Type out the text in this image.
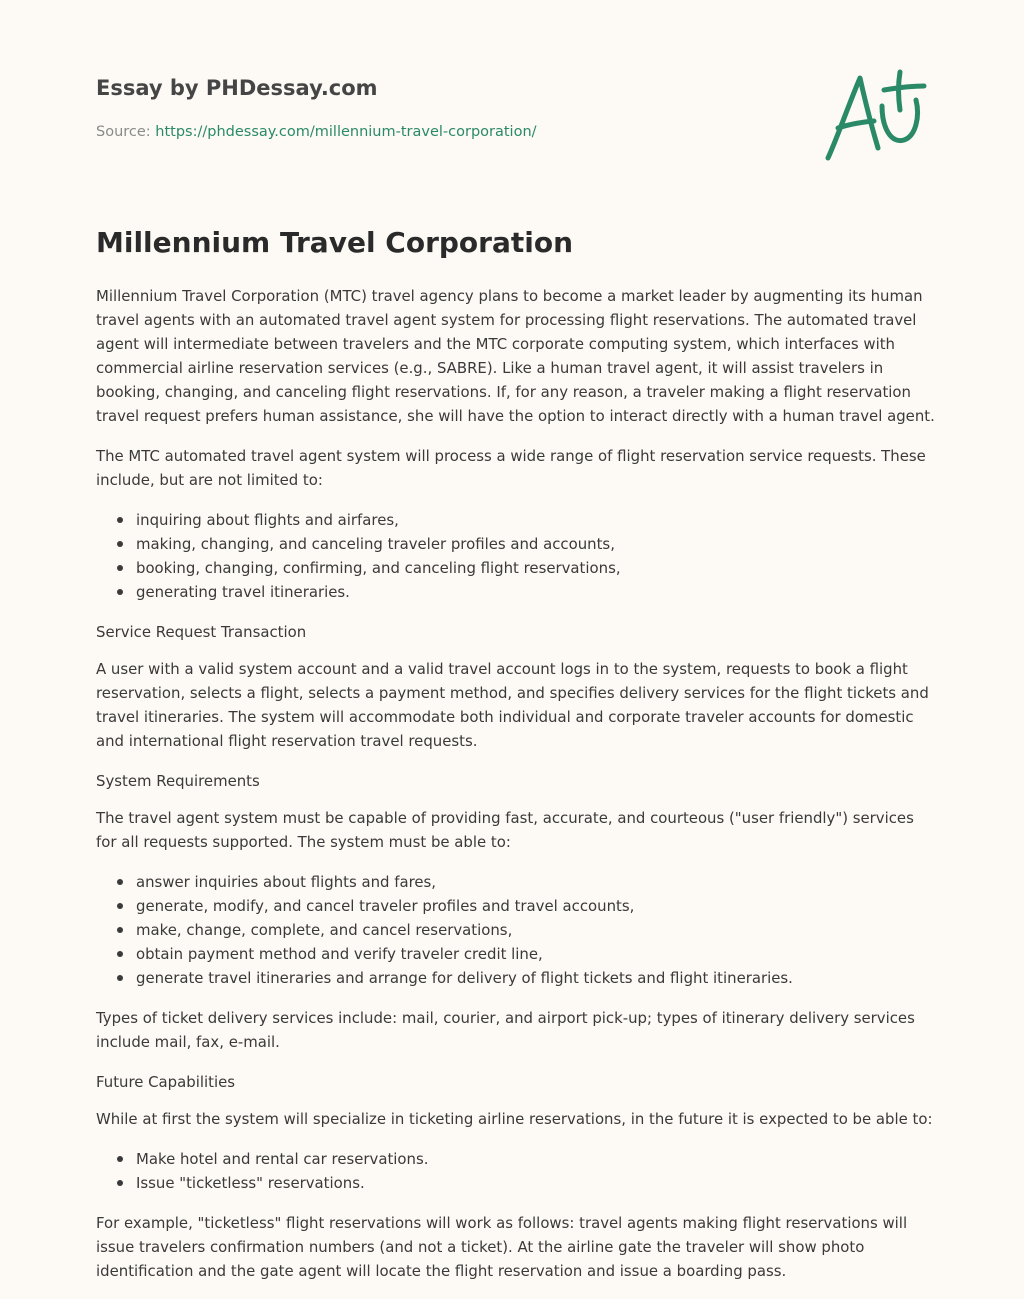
Essay by PHDessay.com

Source: https://phdessay.com/millennium-travel-corporation/

Millennium Travel Corporation

Millennium Travel Corporation (MTC) travel agency plans to become a market leader by augmenting its human travel agents with an automated travel agent system for processing flight reservations. The automated travel agent will intermediate between travelers and the MTC corporate computing system, which interfaces with commercial airline reservation services (e.g., SABRE). Like a human travel agent, it will assist travelers in booking, changing, and canceling flight reservations. If, for any reason, a traveler making a flight reservation travel request prefers human assistance, she will have the option to interact directly with a human travel agent.

The MTC automated travel agent system will process a wide range of flight reservation service requests. These include, but are not limited to:

inquiring about flights and airfares,
making, changing, and canceling traveler profiles and accounts,
booking, changing, confirming, and canceling flight reservations,
generating travel itineraries.
Service Request Transaction

A user with a valid system account and a valid travel account logs in to the system, requests to book a flight reservation, selects a flight, selects a payment method, and specifies delivery services for the flight tickets and travel itineraries. The system will accommodate both individual and corporate traveler accounts for domestic and international flight reservation travel requests.

System Requirements

The travel agent system must be capable of providing fast, accurate, and courteous ("user friendly") services for all requests supported. The system must be able to:

answer inquiries about flights and fares,
generate, modify, and cancel traveler profiles and travel accounts,
make, change, complete, and cancel reservations,
obtain payment method and verify traveler credit line,
generate travel itineraries and arrange for delivery of flight tickets and flight itineraries.

Types of ticket delivery services include: mail, courier, and airport pick-up; types of itinerary delivery services include mail, fax, e-mail.

Future Capabilities

While at first the system will specialize in ticketing airline reservations, in the future it is expected to be able to:

Make hotel and rental car reservations.
Issue "ticketless" reservations.

For example, "ticketless" flight reservations will work as follows: travel agents making flight reservations will issue travelers confirmation numbers (and not a ticket). At the airline gate the traveler will show photo identification and the gate agent will locate the flight reservation and issue a boarding pass.
